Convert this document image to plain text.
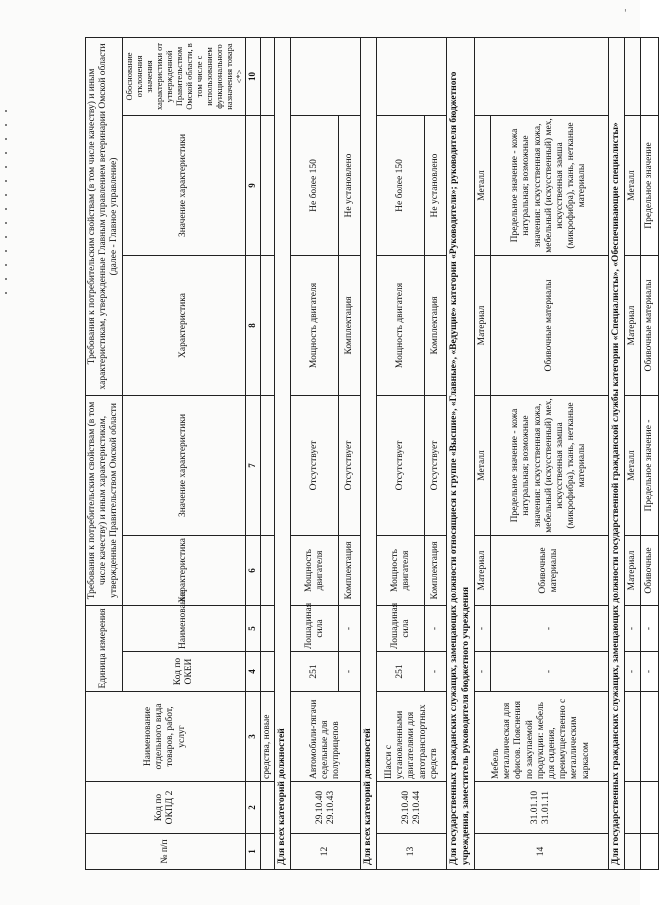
'
№ п/п	Код по ОКПД 2	Наименование отдельного вида товаров, работ, услуг	Единица измерения		Требования к потребительским свойствам (в том числе качеству) и иным характеристикам, утвержденные Правительством Омской области		Требования к потребительским свойствам (в том числе качеству) и иным характеристикам, утвержденные Главным управлением ветеринарии Омской области (далее - Главное управление)		
			Код по ОКЕИ	Наименование	Характеристика	Значение характеристики	Характеристика	Значение характеристики	Обоснование отклонения значения характеристики от утвержденной Правительством Омской области, в том числе с использованием функционального назначения товара <*>
1	2	3	4	5	6	7	8	9	10
		средства, новые							
Для всех категорий должностей									
12	29.10.40 29.10.43	Автомобили-тягачи седельные для полуприцепов	251	Лошадиная сила	Мощность двигателя	Отсутствует	Мощность двигателя	Не более 150	
			-	-	Комплектация	Отсутствует	Комплектация	Не установлено	
Для всех категорий должностей									
13	29.10.40 29.10.44	Шасси с установленными двигателями для автотранспортных средств	251	Лошадиная сила	Мощность двигателя	Отсутствует	Мощность двигателя	Не более 150	
			-	-	Комплектация	Отсутствует	Комплектация	Не установлено	
Для государственных гражданских служащих, замещающих должности относящиеся к группе «Высшие», «Главные», «Ведущие» категории «Руководители»; руководителя бюджетного учреждения, заместитель руководителя бюджетного учреждения									
14	31.01.10 31.01.11	Мебель металлическая для офисов. Пояснения по закупаемой продукции: мебель для сидения, преимущественно с металлическим каркасом	-	-	Материал	Металл	Материал	Металл	
			-	-	Обивочные материалы	Предельное значение - кожа натуральная; возможные значения: искусственная кожа, мебельный (искусственный) мех, искусственная замша (микрофибра), ткань, нетканые материалы	Обивочные материалы	Предельное значение - кожа натуральная; возможные значения: искусственная кожа, мебельный (искусственный) мех, искусственная замша (микрофибра), ткань, нетканые материалы	
Для государственных гражданских служащих, замещающих должности государственной гражданской службы категории «Специалисты», «Обеспечивающие специалисты»									
			-	-	Материал	Металл	Материал	Металл	
			-	-	Обивочные	Предельное значение -	Обивочные материалы	Предельное значение	
